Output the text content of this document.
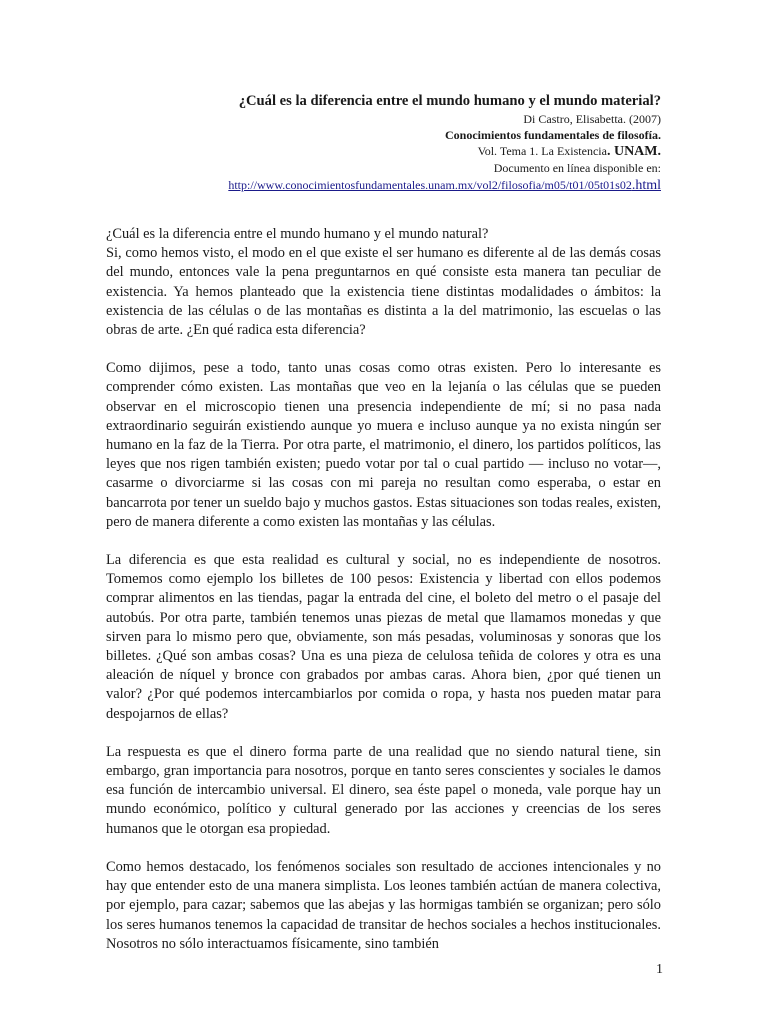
¿Cuál es la diferencia entre el mundo humano y el mundo material?
Di Castro, Elisabetta. (2007)
Conocimientos fundamentales de filosofía.
Vol. Tema 1. La Existencia. UNAM.
Documento en línea disponible en:
http://www.conocimientosfundamentales.unam.mx/vol2/filosofia/m05/t01/05t01s02.html

¿Cuál es la diferencia entre el mundo humano y el mundo natural?

Si, como hemos visto, el modo en el que existe el ser humano es diferente al de las demás cosas del mundo, entonces vale la pena preguntarnos en qué consiste esta manera tan peculiar de existencia. Ya hemos planteado que la existencia tiene distintas modalidades o ámbitos: la existencia de las células o de las montañas es distinta a la del matrimonio, las escuelas o las obras de arte. ¿En qué radica esta diferencia?

Como dijimos, pese a todo, tanto unas cosas como otras existen. Pero lo interesante es comprender cómo existen. Las montañas que veo en la lejanía o las células que se pueden observar en el microscopio tienen una presencia independiente de mí; si no pasa nada extraordinario seguirán existiendo aunque yo muera e incluso aunque ya no exista ningún ser humano en la faz de la Tierra. Por otra parte, el matrimonio, el dinero, los partidos políticos, las leyes que nos rigen también existen; puedo votar por tal o cual partido — incluso no votar—, casarme o divorciarme si las cosas con mi pareja no resultan como esperaba, o estar en bancarrota por tener un sueldo bajo y muchos gastos. Estas situaciones son todas reales, existen, pero de manera diferente a como existen las montañas y las células.

La diferencia es que esta realidad es cultural y social, no es independiente de nosotros. Tomemos como ejemplo los billetes de 100 pesos: Existencia y libertad con ellos podemos comprar alimentos en las tiendas, pagar la entrada del cine, el boleto del metro o el pasaje del autobús. Por otra parte, también tenemos unas piezas de metal que llamamos monedas y que sirven para lo mismo pero que, obviamente, son más pesadas, voluminosas y sonoras que los billetes. ¿Qué son ambas cosas? Una es una pieza de celulosa teñida de colores y otra es una aleación de níquel y bronce con grabados por ambas caras. Ahora bien, ¿por qué tienen un valor? ¿Por qué podemos intercambiarlos por comida o ropa, y hasta nos pueden matar para despojarnos de ellas?

La respuesta es que el dinero forma parte de una realidad que no siendo natural tiene, sin embargo, gran importancia para nosotros, porque en tanto seres conscientes y sociales le damos esa función de intercambio universal. El dinero, sea éste papel o moneda, vale porque hay un mundo económico, político y cultural generado por las acciones y creencias de los seres humanos que le otorgan esa propiedad.

Como hemos destacado, los fenómenos sociales son resultado de acciones intencionales y no hay que entender esto de una manera simplista. Los leones también actúan de manera colectiva, por ejemplo, para cazar; sabemos que las abejas y las hormigas también se organizan; pero sólo los seres humanos tenemos la capacidad de transitar de hechos sociales a hechos institucionales. Nosotros no sólo interactuamos físicamente, sino también

1
